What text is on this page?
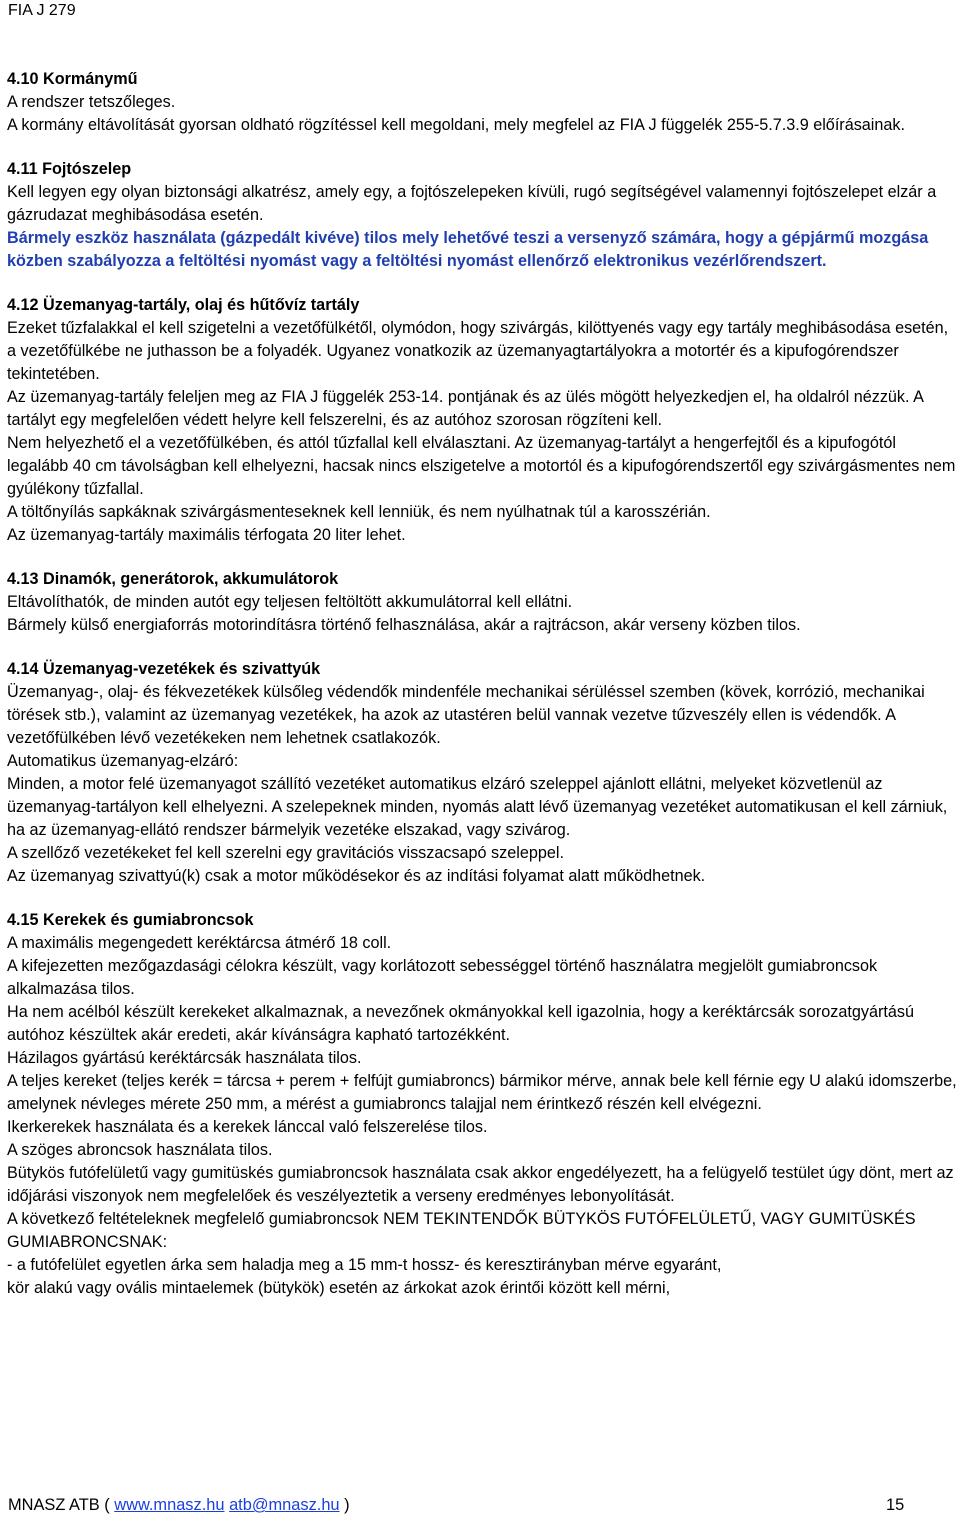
FIA J 279
4.10 Kormánymű
A rendszer tetszőleges.
A kormány eltávolítását gyorsan oldható rögzítéssel kell megoldani, mely megfelel az FIA J függelék 255-5.7.3.9 előírásainak.
4.11 Fojtószelep
Kell legyen egy olyan biztonsági alkatrész, amely egy, a fojtószelepeken kívüli, rugó segítségével valamennyi fojtószelepet elzár a gázrudazat meghibásodása esetén.
Bármely eszköz használata (gázpedált kivéve) tilos mely lehetővé teszi a versenyző számára, hogy a gépjármű mozgása közben szabályozza a feltöltési nyomást vagy a feltöltési nyomást ellenőrző elektronikus vezérlőrendszert.
4.12 Üzemanyag-tartály, olaj és hűtővíz tartály
Ezeket tűzfalakkal el kell szigetelni a vezetőfülkétől, olymódon, hogy szivárgás, kilöttyenés vagy egy tartály meghibásodása esetén, a vezetőfülkébe ne juthasson be a folyadék. Ugyanez vonatkozik az üzemanyagtartályokra a motortér és a kipufogórendszer tekintetében.
Az üzemanyag-tartály feleljen meg az FIA J függelék 253-14. pontjának és az ülés mögött helyezkedjen el, ha oldalról nézzük. A tartályt egy megfelelően védett helyre kell felszerelni, és az autóhoz szorosan rögzíteni kell.
Nem helyezhető el a vezetőfülkében, és attól tűzfallal kell elválasztani. Az üzemanyag-tartályt a hengerfejtől és a kipufogótól legalább 40 cm távolságban kell elhelyezni, hacsak nincs elszigetelve a motortól és a kipufogórendszertől egy szivárgásmentes nem gyúlékony tűzfallal.
A töltőnyílás sapkáknak szivárgásmenteseknek kell lenniük, és nem nyúlhatnak túl a karosszérián.
Az üzemanyag-tartály maximális térfogata 20 liter lehet.
4.13 Dinamók, generátorok, akkumulátorok
Eltávolíthatók, de minden autót egy teljesen feltöltött akkumulátorral kell ellátni.
Bármely külső energiaforrás motorindításra történő felhasználása, akár a rajtrácson, akár verseny közben tilos.
4.14 Üzemanyag-vezetékek és szivattyúk
Üzemanyag-, olaj- és fékvezetékek külsőleg védendők mindenféle mechanikai sérüléssel szemben (kövek, korrózió, mechanikai törések stb.), valamint az üzemanyag vezetékek, ha azok az utastéren belül vannak vezetve tűzveszély ellen is védendők. A vezetőfülkében lévő vezetékeken nem lehetnek csatlakozók.
Automatikus üzemanyag-elzáró:
Minden, a motor felé üzemanyagot szállító vezetéket automatikus elzáró szeleppel ajánlott ellátni, melyeket közvetlenül az üzemanyag-tartályon kell elhelyezni. A szelepeknek minden, nyomás alatt lévő üzemanyag vezetéket automatikusan el kell zárniuk, ha az üzemanyag-ellátó rendszer bármelyik vezetéke elszakad, vagy szivárog.
A szellőző vezetékeket fel kell szerelni egy gravitációs visszacsapó szeleppel.
Az üzemanyag szivattyú(k) csak a motor működésekor és az indítási folyamat alatt működhetnek.
4.15 Kerekek és gumiabroncsok
A maximális megengedett keréktárcsa átmérő 18 coll.
A kifejezetten mezőgazdasági célokra készült, vagy korlátozott sebességgel történő használatra megjelölt gumiabroncsok alkalmazása tilos.
Ha nem acélból készült kerekeket alkalmaznak, a nevezőnek okmányokkal kell igazolnia, hogy a keréktárcsák sorozatgyártású autóhoz készültek akár eredeti, akár kívánságra kapható tartozékként.
Házilagos gyártású keréktárcsák használata tilos.
A teljes kereket (teljes kerék = tárcsa + perem + felfújt gumiabroncs) bármikor mérve, annak bele kell férnie egy U alakú idomszerbe, amelynek névleges mérete 250 mm, a mérést a gumiabroncs talajjal nem érintkező részén kell elvégezni.
Ikerkerekek használata és a kerekek lánccal való felszerelése tilos.
A szöges abroncsok használata tilos.
Bütykös futófelületű vagy gumitüskés gumiabroncsok használata csak akkor engedélyezett, ha a felügyelő testület úgy dönt, mert az időjárási viszonyok nem megfelelőek és veszélyeztetik a verseny eredményes lebonyolítását.
A következő feltételeknek megfelelő gumiabroncsok NEM TEKINTENDŐK BÜTYKÖS FUTÓFELÜLETŰ, VAGY GUMITÜSKÉS GUMIABRONCSNAK:
- a futófelület egyetlen árka sem haladja meg a 15 mm-t hossz- és keresztirányban mérve egyaránt,
kör alakú vagy ovális mintaelemek (bütykök) esetén az árkokat azok érintői között kell mérni,
MNASZ ATB ( www.mnasz.hu atb@mnasz.hu )	15
